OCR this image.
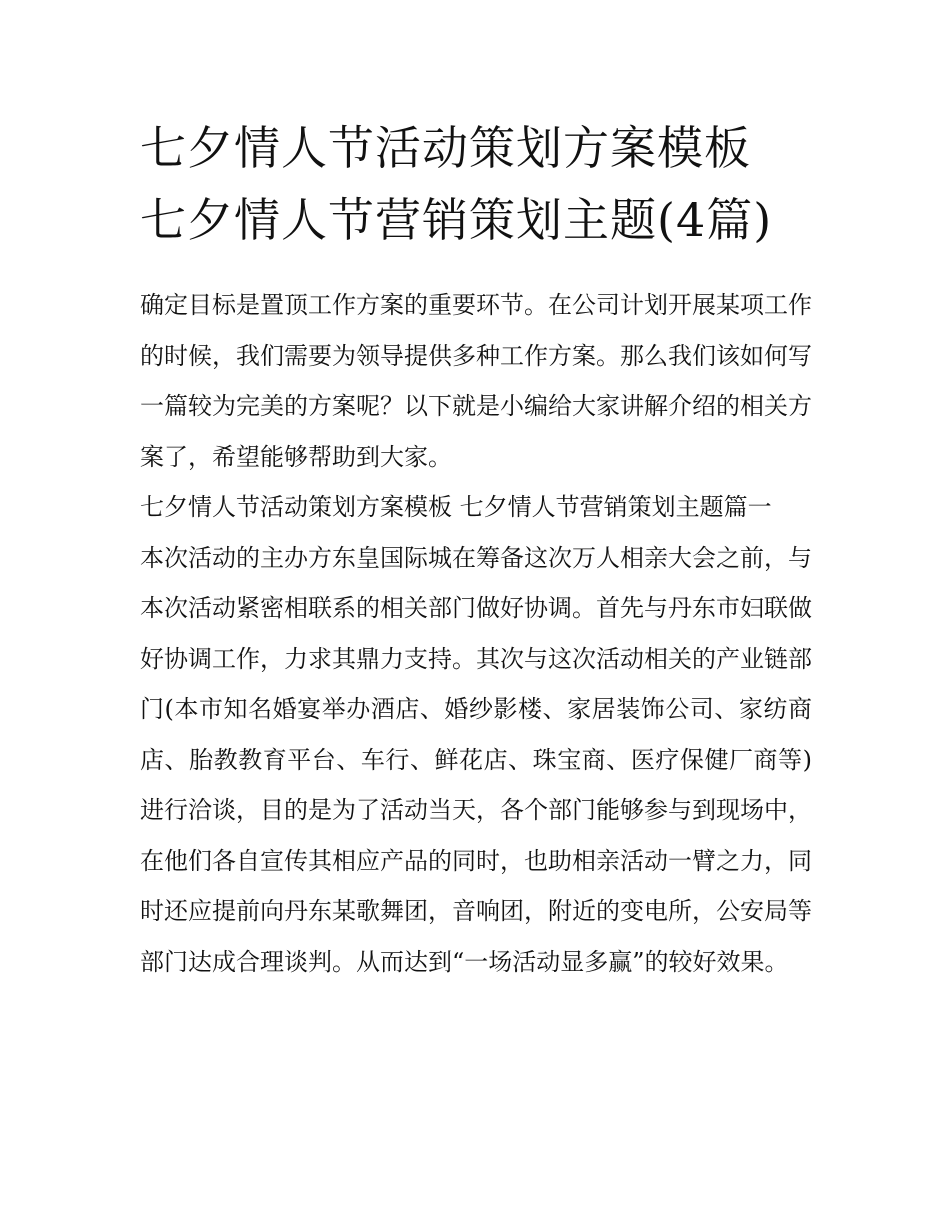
七夕情人节活动策划方案模板 七夕情人节营销策划主题(4篇)

确定目标是置顶工作方案的重要环节。在公司计划开展某项工作的时候，我们需要为领导提供多种工作方案。那么我们该如何写一篇较为完美的方案呢？以下就是小编给大家讲解介绍的相关方案了，希望能够帮助到大家。

七夕情人节活动策划方案模板 七夕情人节营销策划主题篇一

本次活动的主办方东皇国际城在筹备这次万人相亲大会之前，与本次活动紧密相联系的相关部门做好协调。首先与丹东市妇联做好协调工作，力求其鼎力支持。其次与这次活动相关的产业链部门(本市知名婚宴举办酒店、婚纱影楼、家居装饰公司、家纺商店、胎教教育平台、车行、鲜花店、珠宝商、医疗保健厂商等)进行洽谈，目的是为了活动当天，各个部门能够参与到现场中，在他们各自宣传其相应产品的同时，也助相亲活动一臂之力，同时还应提前向丹东某歌舞团，音响团，附近的变电所，公安局等部门达成合理谈判。从而达到“一场活动显多赢”的较好效果。
